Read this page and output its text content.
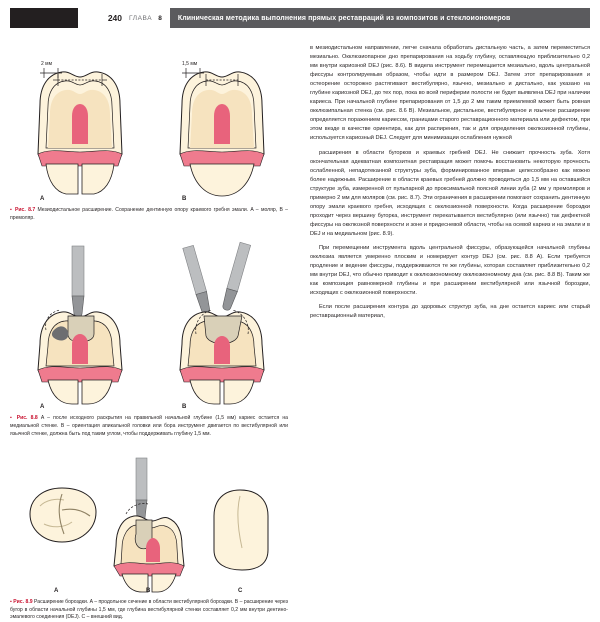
240	ГЛАВА 8	Клиническая методика выполнения прямых реставраций из композитов и стеклоиономеров
2 мм	1,5 мм
A	B
▪ Рис. 8.7 Мезиодистальное расширение. Сохранение дентинную опору краевого гребня эмали. A – моляр, B – премоляр.
A	B
▪ Рис. 8.8 A – после исходного раскрытия на правильной начальной глубине (1,5 мм) кариес остается на медиальной стенке. B – ориентация апикальной головки или бора инструмент двигается по вестибулярной или язычной стенке, должна быть под таким углом, чтобы поддерживать глубину 1,5 мм.
A	B	C
▪ Рис. 8.9 Расширение бороздки. A – продольное сечение в области вестибулярной бороздки. B – расширение через бугор в области начальной глубины 1,5 мм, где глубина вестибулярной стенки составляет 0,2 мм внутри дентино-эмалевого соединения (DEJ). C – внешний вид.

в мезиодистальном направлении, легче сначала обработать дистальную часть, а затем переместиться мезиально. Окклюзиопарное дно препарирования на ходьбу глубину, оставляющую приблизительно 0,2 мм внутри кариозной DEJ (рис. 8.6). В видела инструмент перемещается мезиально, вдоль центральной фиссуры контролируемым образом, чтобы идти в размером DEJ. Затем этот препарирования и остеорение осторожно растягивают вестибулярно, язычно, мезиально и дистально, как указано на глубине кариозной DEJ, до тех пор, пока во всей периферии полости не будет выявлена DEJ при наличии кариеса. При начальной глубине препарирования от 1,5 до 2 мм таким приемлемой может быть ровная окклюзипальная стенка (см. рис. 8.6 B). Мезиальное, дистальное, вестибулярное и язычное расширение определяется поражением кариесом, границами старого реставрационного материала или дефектом, при этом везде в качестве ориентира, как для распирения, так и для определения окклюзионной глубины, используется кариозный DEJ. Следует для минимизации ослабления нужной

расширения в области бугорков и краевых гребней DEJ. Не снижает прочность зуба. Хотя окончательная адекватная композитная реставрация может помочь восстановить некоторую прочность ослабленной, непадотеканной структуры зуба, форминированное впервые целесообразно как можно более надежным. Расширение в области краевых гребней должно проводиться до 1,5 мм на оставшейся структуре зуба, измеренной от пульпарной до проксимальной поясной линии зуба (2 мм у премоляров и примерно 2 мм для моляров (см. рис. 8.7). Эти ограничения в расширении помогают сохранить дентинную опору эмали краевого гребня, исходящих с окклюзионной поверхности. Когда расширение бороздки проходит через вершину бугорка, инструмент перекатывается вестибулярно (или язычно) так дефектной фиссуры на окклюзной поверхности и зоне и придесневой области, чтобы на осевой карниз и на эмали и в DEJ и на медиальном (рис. 8.9).

При перемещении инструмента вдоль центральной фиссуры, образующейся начальной глубины окклюзиа является умеренно плоским и номерирует контур DEJ (см. рис. 8.8 A). Если требуется продление и ведение фиссуры, поддерживаются те же глубины, которая составляет приблизительно 0,2 мм внутри DEJ, что обычно приводит к окклюзиономному окклюзиономному дна (см. рис. 8.8 B). Таким же как композиция равномерной глубины и при расширении вестибулярной или язычной бороздки, исходящих с окклюзионной поверхности.

Если после расширения контура до здоровых структур зуба, на дне остается кариес или старый реставрационный материал,
